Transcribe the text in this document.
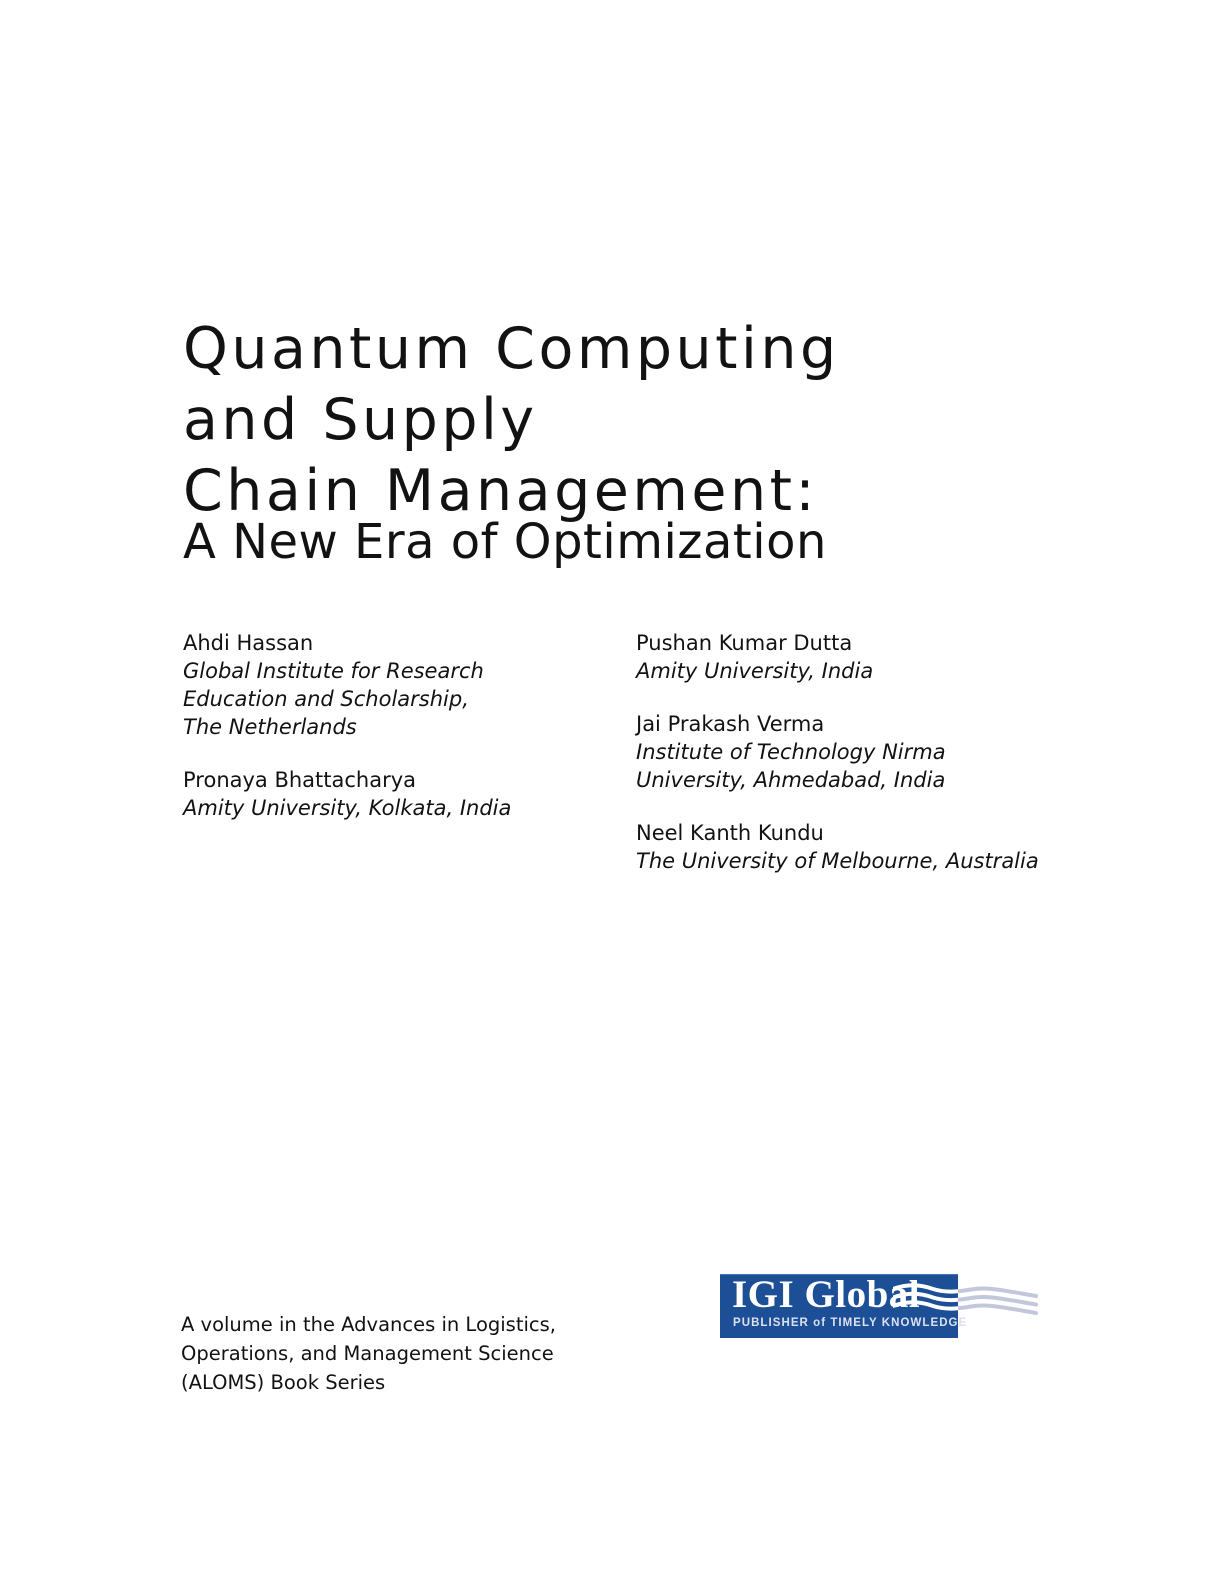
Quantum Computing
and Supply
Chain Management:
A New Era of Optimization
Ahdi Hassan
Global Institute for Research
Education and Scholarship,
The Netherlands
Pronaya Bhattacharya
Amity University, Kolkata, India
Pushan Kumar Dutta
Amity University, India
Jai Prakash Verma
Institute of Technology Nirma
University, Ahmedabad, India
Neel Kanth Kundu
The University of Melbourne, Australia
A volume in the Advances in Logistics,
Operations, and Management Science
(ALOMS) Book Series
IGI Global
PUBLISHER of TIMELY KNOWLEDGE
